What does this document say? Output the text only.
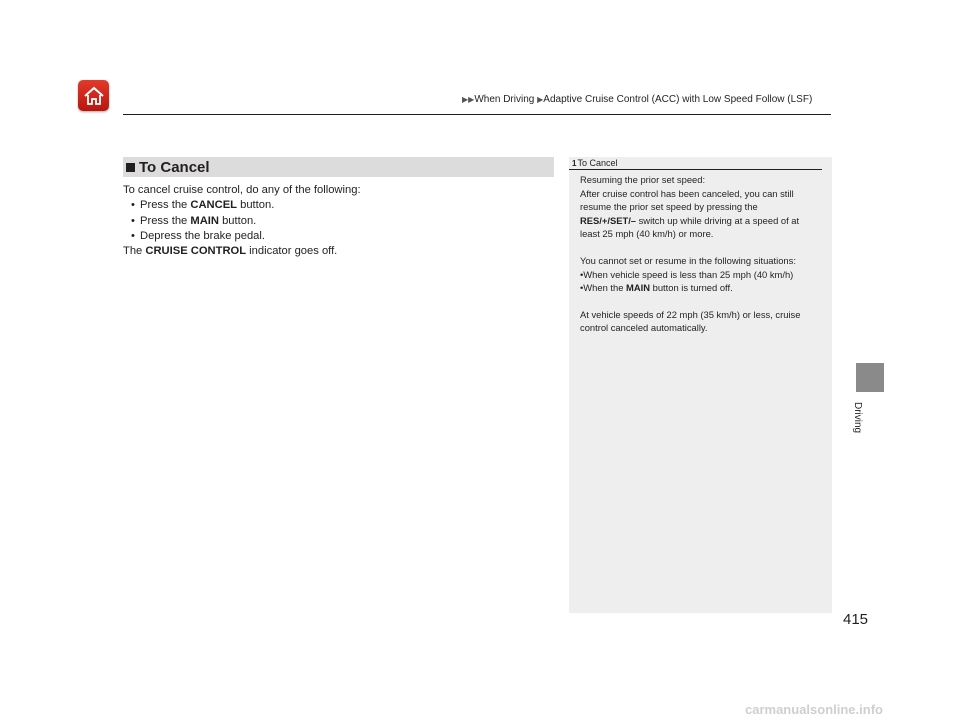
▶▶When Driving ▶Adaptive Cruise Control (ACC) with Low Speed Follow (LSF)
To Cancel

To cancel cruise control, do any of the following:

• Press the CANCEL button.

• Press the MAIN button.

• Depress the brake pedal.

The CRUISE CONTROL indicator goes off.

1To Cancel

Resuming the prior set speed:

After cruise control has been canceled, you can still

resume the prior set speed by pressing the

RES/+/SET/– switch up while driving at a speed of at

least 25 mph (40 km/h) or more.

You cannot set or resume in the following situations:

•When vehicle speed is less than 25 mph (40 km/h)

•When the MAIN button is turned off.

At vehicle speeds of 22 mph (35 km/h) or less, cruise

control canceled automatically.

Driving
415
carmanualsonline.info
